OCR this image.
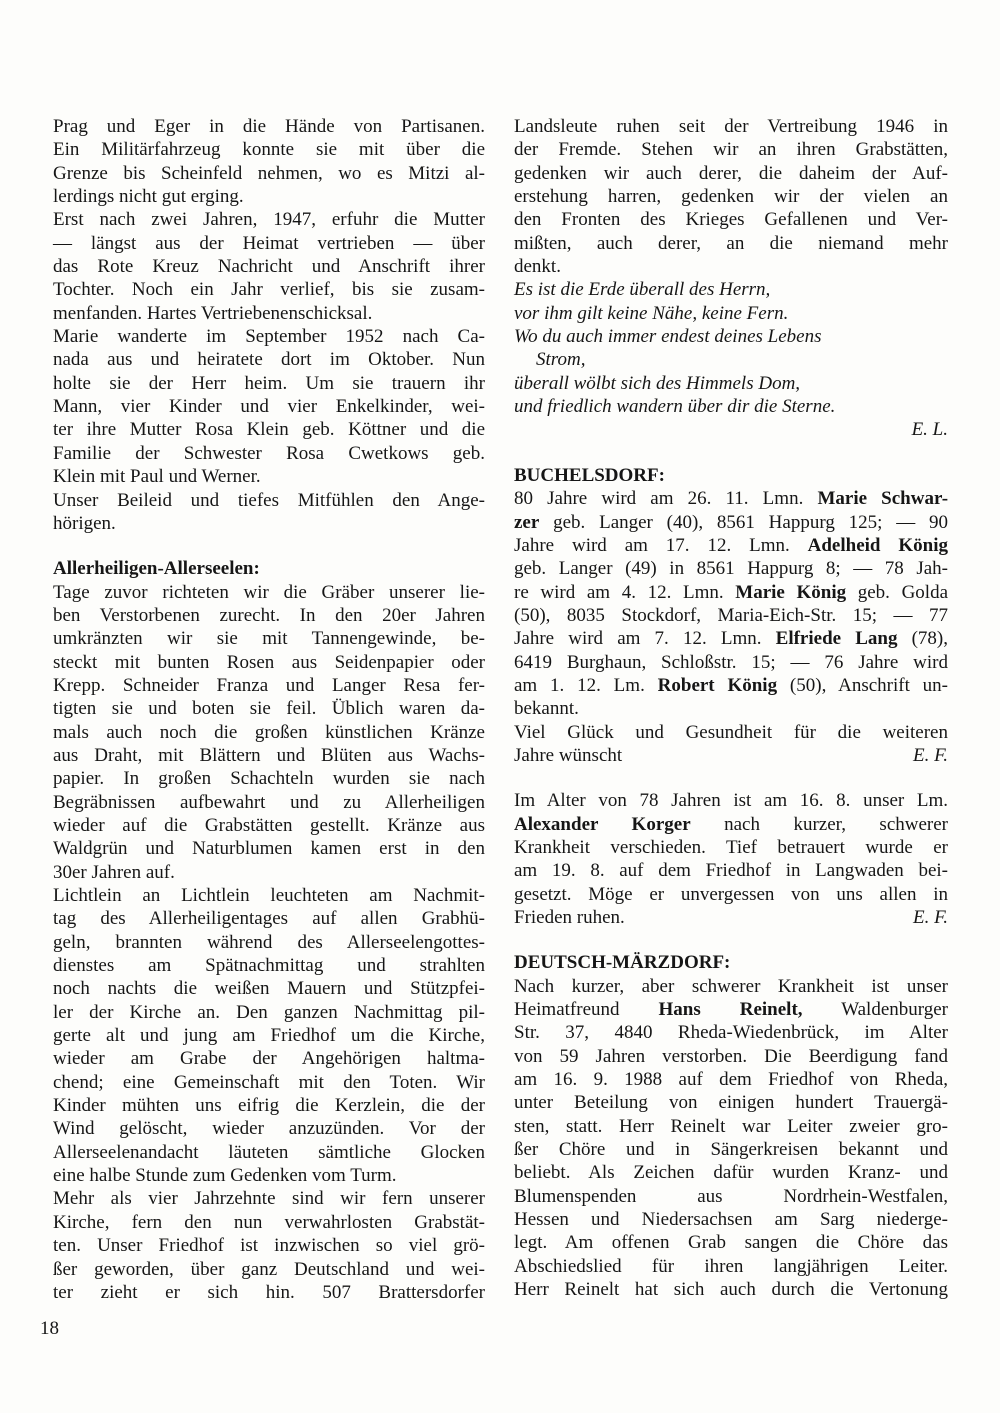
Prag und Eger in die Hände von Partisanen.
Ein Militärfahrzeug konnte sie mit über die
Grenze bis Scheinfeld nehmen, wo es Mitzi al-
lerdings nicht gut erging.

Erst nach zwei Jahren, 1947, erfuhr die Mutter
— längst aus der Heimat vertrieben — über
das Rote Kreuz Nachricht und Anschrift ihrer
Tochter. Noch ein Jahr verlief, bis sie zusam-
menfanden. Hartes Vertriebenenschicksal.

Marie wanderte im September 1952 nach Ca-
nada aus und heiratete dort im Oktober. Nun
holte sie der Herr heim. Um sie trauern ihr
Mann, vier Kinder und vier Enkelkinder, wei-
ter ihre Mutter Rosa Klein geb. Köttner und die
Familie der Schwester Rosa Cwetkows geb.
Klein mit Paul und Werner.

Unser Beileid und tiefes Mitfühlen den Ange-
hörigen.

Allerheiligen-Allerseelen:

Tage zuvor richteten wir die Gräber unserer lie-
ben Verstorbenen zurecht. In den 20er Jahren
umkränzten wir sie mit Tannengewinde, be-
steckt mit bunten Rosen aus Seidenpapier oder
Krepp. Schneider Franza und Langer Resa fer-
tigten sie und boten sie feil. Üblich waren da-
mals auch noch die großen künstlichen Kränze
aus Draht, mit Blättern und Blüten aus Wachs-
papier. In großen Schachteln wurden sie nach
Begräbnissen aufbewahrt und zu Allerheiligen
wieder auf die Grabstätten gestellt. Kränze aus
Waldgrün und Naturblumen kamen erst in den
30er Jahren auf.

Lichtlein an Lichtlein leuchteten am Nachmit-
tag des Allerheiligentages auf allen Grabhü-
geln, brannten während des Allerseelengottes-
dienstes am Spätnachmittag und strahlten
noch nachts die weißen Mauern und Stützpfei-
ler der Kirche an. Den ganzen Nachmittag pil-
gerte alt und jung am Friedhof um die Kirche,
wieder am Grabe der Angehörigen haltma-
chend; eine Gemeinschaft mit den Toten. Wir
Kinder mühten uns eifrig die Kerzlein, die der
Wind gelöscht, wieder anzuzünden. Vor der
Allerseelenandacht läuteten sämtliche Glocken
eine halbe Stunde zum Gedenken vom Turm.

Mehr als vier Jahrzehnte sind wir fern unserer
Kirche, fern den nun verwahrlosten Grabstät-
ten. Unser Friedhof ist inzwischen so viel grö-
ßer geworden, über ganz Deutschland und wei-
ter zieht er sich hin. 507 Brattersdorfer

Landsleute ruhen seit der Vertreibung 1946 in
der Fremde. Stehen wir an ihren Grabstätten,
gedenken wir auch derer, die daheim der Auf-
erstehung harren, gedenken wir der vielen an
den Fronten des Krieges Gefallenen und Ver-
mißten, auch derer, an die niemand mehr
denkt.

Es ist die Erde überall des Herrn,
vor ihm gilt keine Nähe, keine Fern.
Wo du auch immer endest deines Lebens
Strom,
überall wölbt sich des Himmels Dom,
und friedlich wandern über dir die Sterne.
E. L.

BUCHELSDORF:

80 Jahre wird am 26. 11. Lmn. Marie Schwar-
zer geb. Langer (40), 8561 Happurg 125; — 90
Jahre wird am 17. 12. Lmn. Adelheid König
geb. Langer (49) in 8561 Happurg 8; — 78 Jah-
re wird am 4. 12. Lmn. Marie König geb. Golda
(50), 8035 Stockdorf, Maria-Eich-Str. 15; — 77
Jahre wird am 7. 12. Lmn. Elfriede Lang (78),
6419 Burghaun, Schloßstr. 15; — 76 Jahre wird
am 1. 12. Lm. Robert König (50), Anschrift un-
bekannt.

Viel Glück und Gesundheit für die weiteren
Jahre wünscht	E. F.

Im Alter von 78 Jahren ist am 16. 8. unser Lm.
Alexander Korger nach kurzer, schwerer
Krankheit verschieden. Tief betrauert wurde er
am 19. 8. auf dem Friedhof in Langwaden bei-
gesetzt. Möge er unvergessen von uns allen in
Frieden ruhen.	E. F.

DEUTSCH-MÄRZDORF:

Nach kurzer, aber schwerer Krankheit ist unser
Heimatfreund Hans Reinelt, Waldenburger
Str. 37, 4840 Rheda-Wiedenbrück, im Alter
von 59 Jahren verstorben. Die Beerdigung fand
am 16. 9. 1988 auf dem Friedhof von Rheda,
unter Beteilung von einigen hundert Trauergä-
sten, statt. Herr Reinelt war Leiter zweier gro-
ßer Chöre und in Sängerkreisen bekannt und
beliebt. Als Zeichen dafür wurden Kranz- und
Blumenspenden aus Nordrhein-Westfalen,
Hessen und Niedersachsen am Sarg niederge-
legt. Am offenen Grab sangen die Chöre das
Abschiedslied für ihren langjährigen Leiter.
Herr Reinelt hat sich auch durch die Vertonung

18
